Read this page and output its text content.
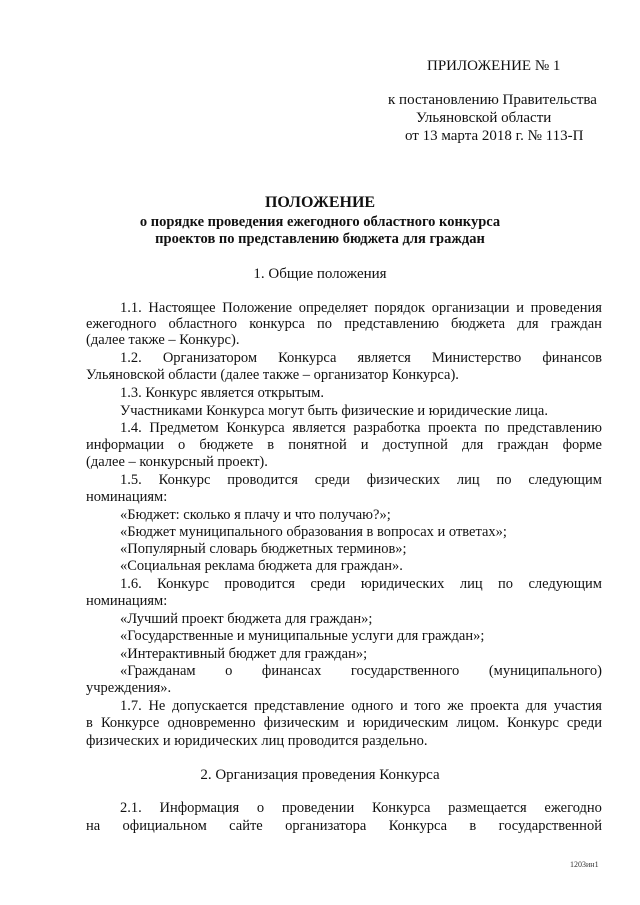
ПРИЛОЖЕНИЕ № 1
к постановлению Правительства
Ульяновской области
от 13 марта 2018 г. № 113-П
ПОЛОЖЕНИЕ
о порядке проведения ежегодного областного конкурса
проектов по представлению бюджета для граждан
1. Общие положения
1.1. Настоящее Положение определяет порядок организации и проведения
ежегодного областного конкурса по представлению бюджета для граждан
(далее также – Конкурс).
1.2. Организатором Конкурса является Министерство финансов
Ульяновской области (далее также – организатор Конкурса).
1.3. Конкурс является открытым.
Участниками Конкурса могут быть физические и юридические лица.
1.4. Предметом Конкурса является разработка проекта по представлению
информации о бюджете в понятной и доступной для граждан форме
(далее – конкурсный проект).
1.5. Конкурс проводится среди физических лиц по следующим
номинациям:
«Бюджет: сколько я плачу и что получаю?»;
«Бюджет муниципального образования в вопросах и ответах»;
«Популярный словарь бюджетных терминов»;
«Социальная реклама бюджета для граждан».
1.6. Конкурс проводится среди юридических лиц по следующим
номинациям:
«Лучший проект бюджета для граждан»;
«Государственные и муниципальные услуги для граждан»;
«Интерактивный бюджет для граждан»;
«Гражданам о финансах государственного (муниципального)
учреждения».
1.7. Не допускается представление одного и того же проекта для участия
в Конкурсе одновременно физическим и юридическим лицом. Конкурс среди
физических и юридических лиц проводится раздельно.
2. Организация проведения Конкурса
2.1. Информация о проведении Конкурса размещается ежегодно
на официальном сайте организатора Конкурса в государственной
1203ин1
